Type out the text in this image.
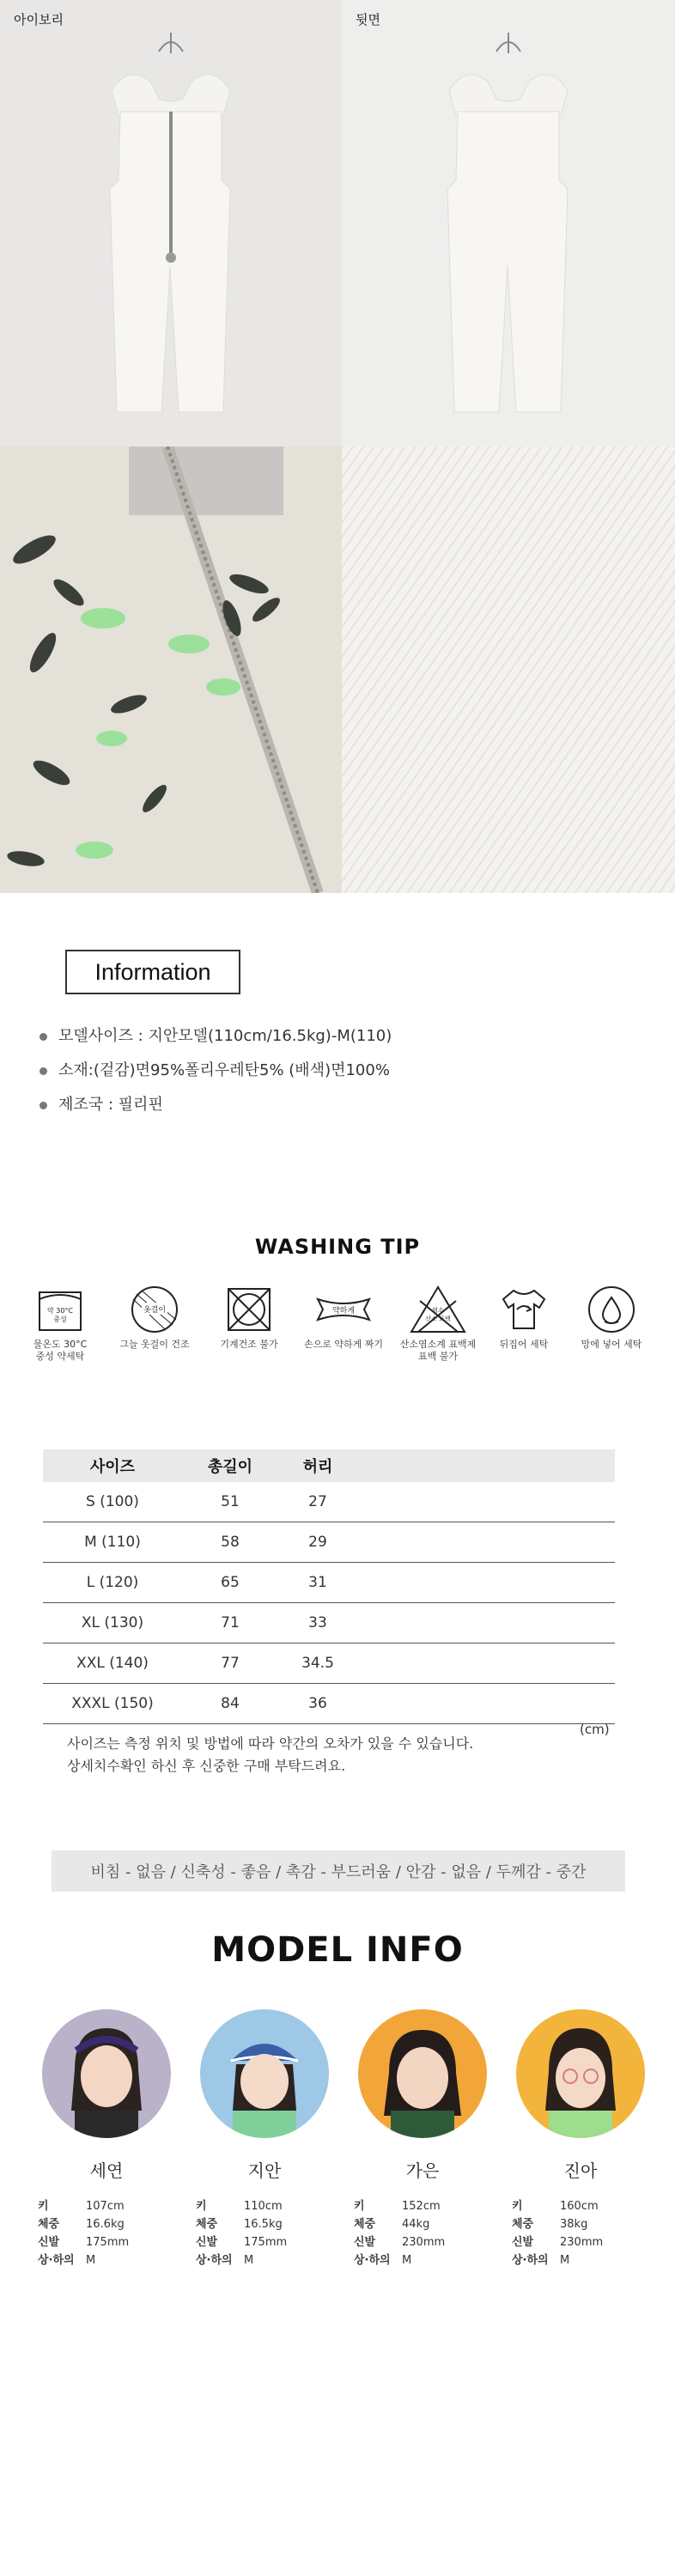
아이보리	뒷면
Information
모델사이즈 : 지안모델(110cm/16.5kg)-M(110)
소재:(겉감)면95%폴리우레탄5% (배색)면100%
제조국 : 필리핀
WASHING TIP
약 30°C
중성
물온도 30°C
중성 약세탁
옷걸이
그늘 옷걸이 건조	기계건조 불가
약하게
손으로 약하게 짜기
염소
산소 표백
산소염소계 표백제
표백 불가
뒤집어 세탁	망에 넣어 세탁
사이즈	총길이	허리	
S (100)	51	27	
M (110)	58	29	
L (120)	65	31	
XL (130)	71	33	
XXL (140)	77	34.5	
XXXL (150)	84	36	
(cm)
사이즈는 측정 위치 및 방법에 따라 약간의 오차가 있을 수 있습니다.
상세치수확인 하신 후 신중한 구매 부탁드려요.
비침 - 없음 / 신축성 - 좋음 / 촉감 - 부드러움 / 안감 - 없음 / 두께감 - 중간
MODEL INFO
세연
키	107cm
체중	16.6kg
신발	175mm
상·하의	M
지안
키	110cm
체중	16.5kg
신발	175mm
상·하의	M
가은
키	152cm
체중	44kg
신발	230mm
상·하의	M
진아
키	160cm
체중	38kg
신발	230mm
상·하의	M
